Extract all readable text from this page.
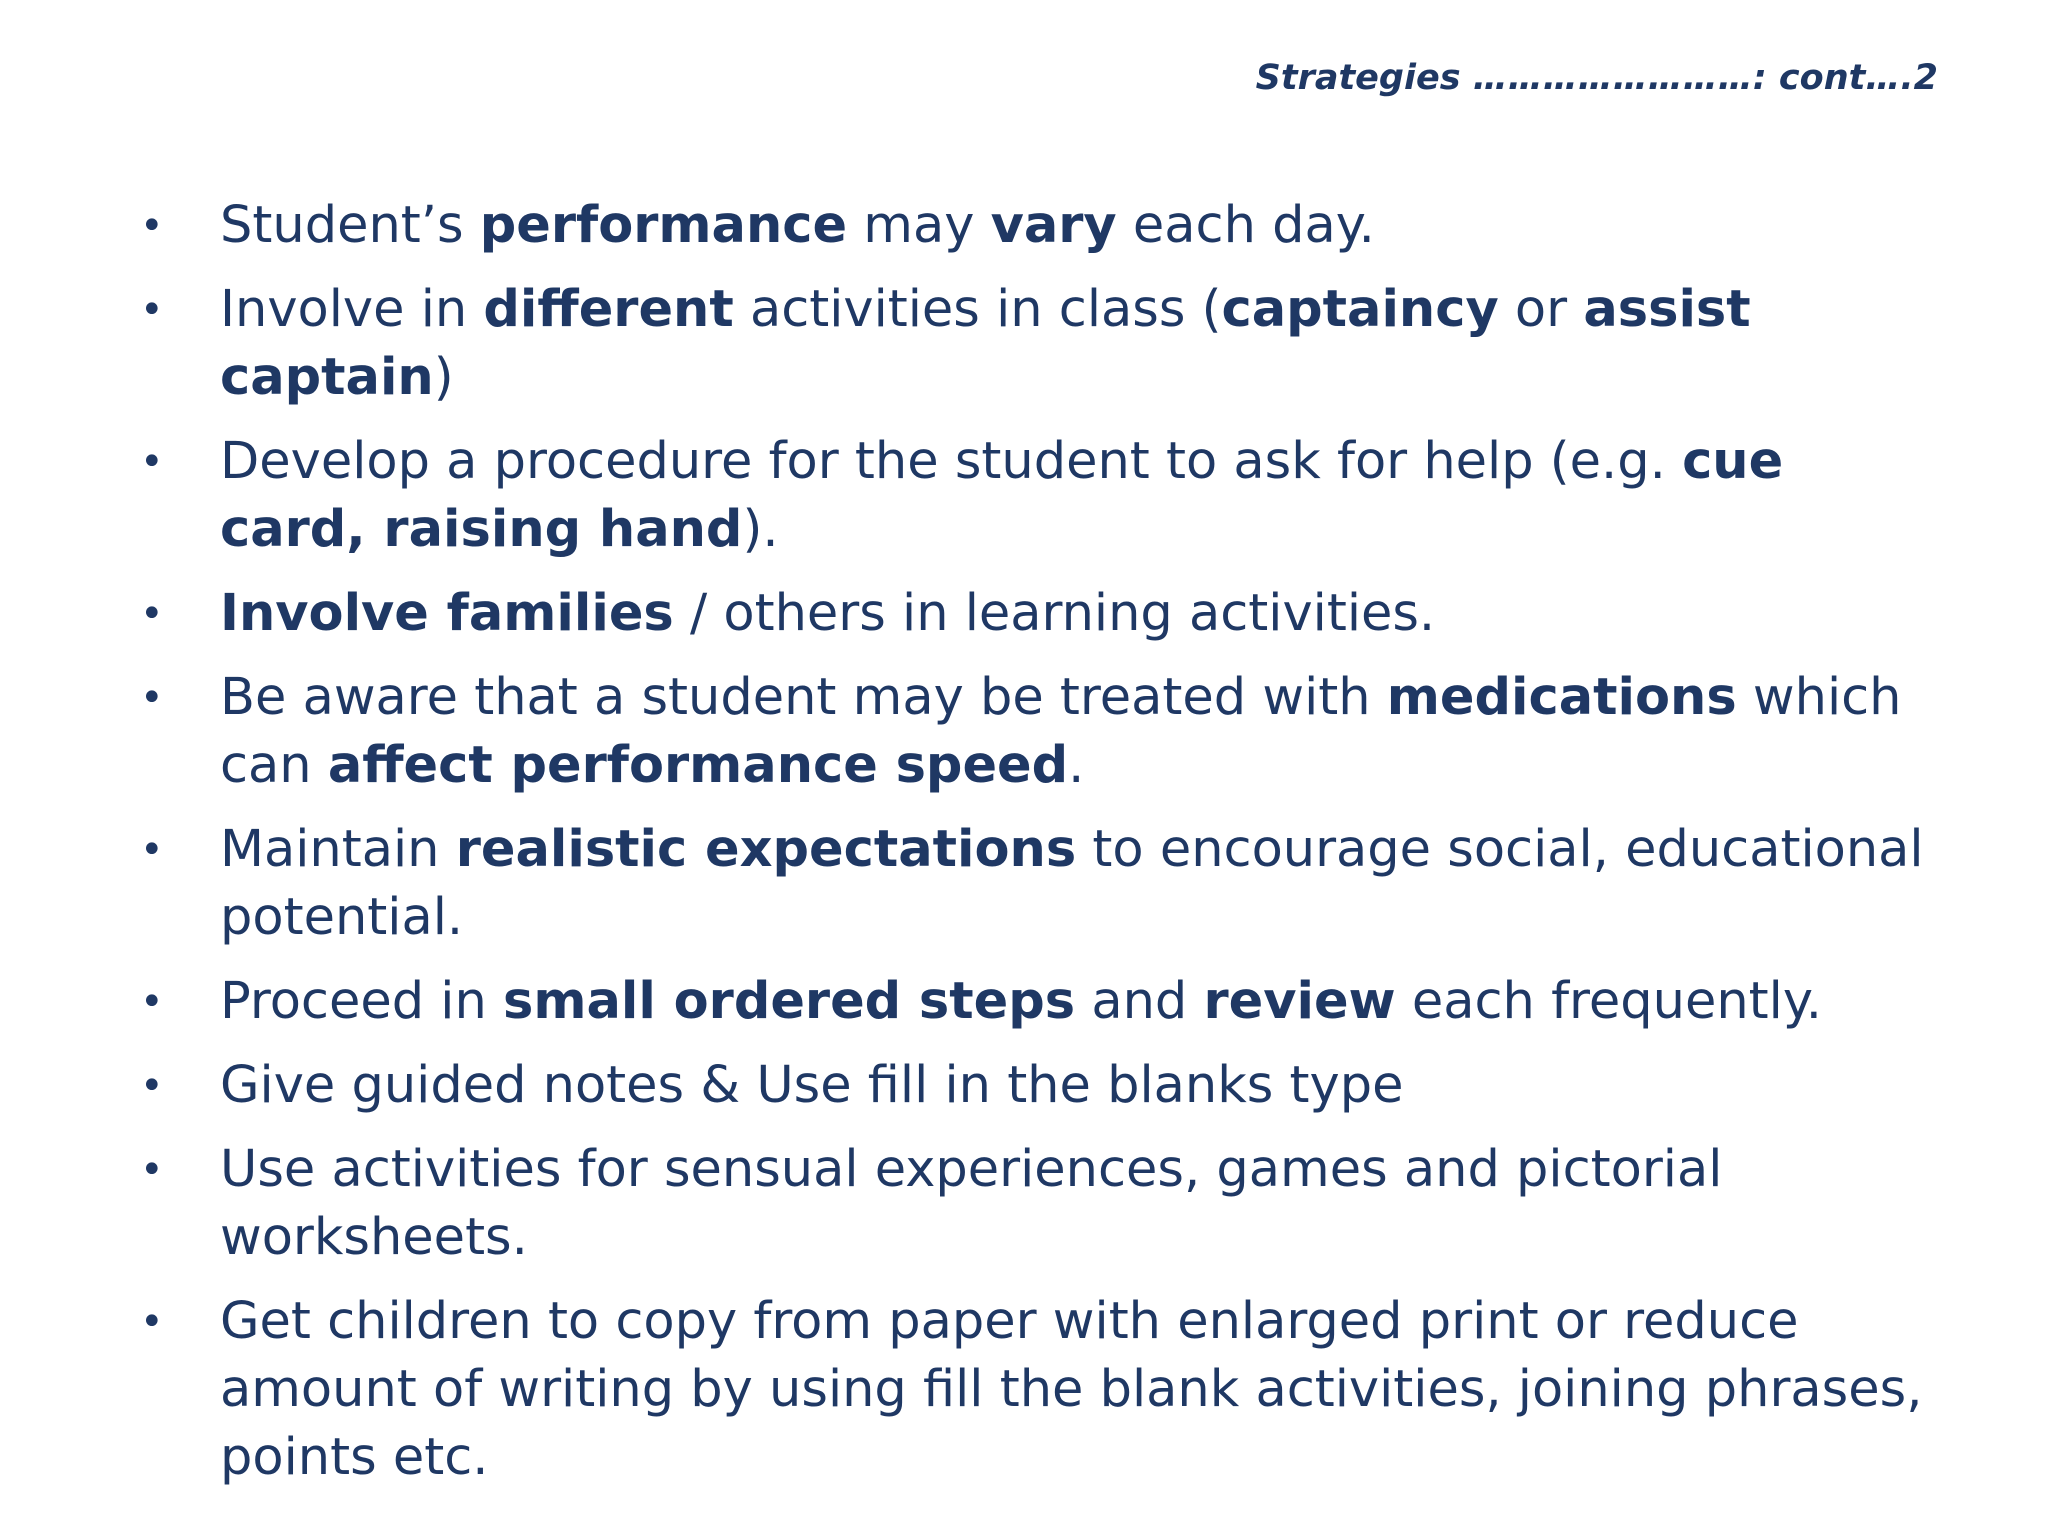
Strategies ……………………: cont….2
•	Student’s performance may vary each day.
•	Involve in different activities in class (captaincy or assist captain)
•	Develop a procedure for the student to ask for help (e.g. cue card, raising hand).
•	Involve families / others in learning activities.
•	Be aware that a student may be treated with medications which can affect performance speed.
•	Maintain realistic expectations to encourage social, educational potential.
•	Proceed in small ordered steps and review each frequently.
•	Give guided notes & Use fill in the blanks type
•	Use activities for sensual experiences, games and pictorial worksheets.
•	Get children to copy from paper with enlarged print or reduce amount of writing by using fill the blank activities, joining phrases, points etc.
